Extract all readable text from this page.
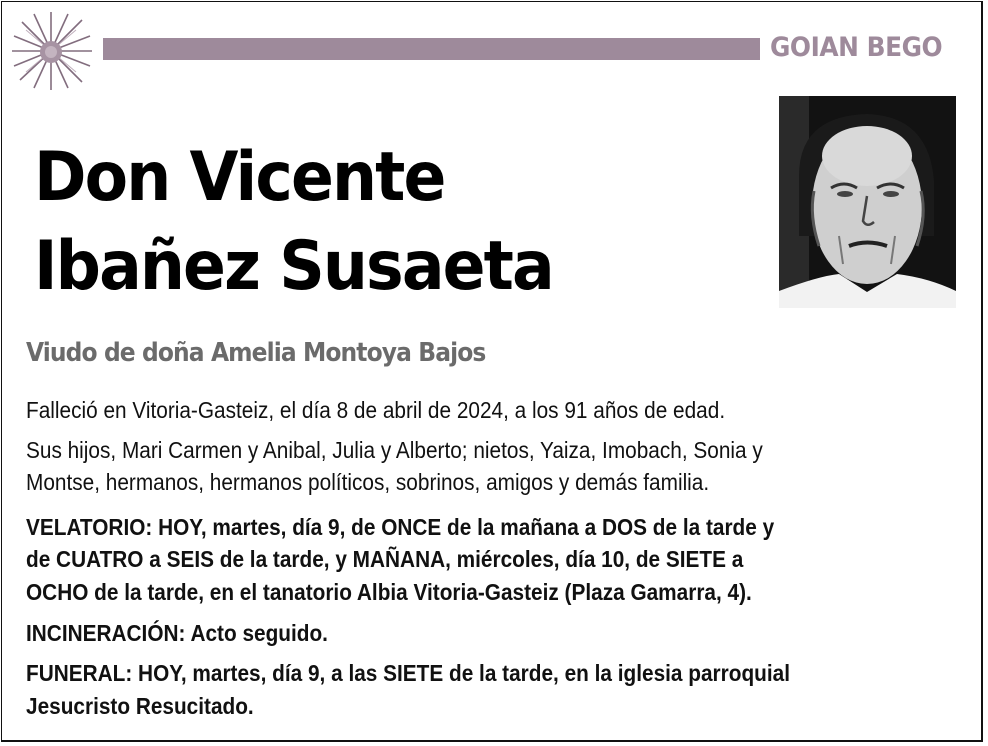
GOIAN BEGO
Don Vicente
Ibañez Susaeta
Viudo de doña Amelia Montoya Bajos
Falleció en Vitoria-Gasteiz, el día 8 de abril de 2024, a los 91 años de edad.
Sus hijos, Mari Carmen y Anibal, Julia y Alberto; nietos, Yaiza, Imobach, Sonia y
Montse, hermanos, hermanos políticos, sobrinos, amigos y demás familia.
VELATORIO: HOY, martes, día 9, de ONCE de la mañana a DOS de la tarde y
de CUATRO a SEIS de la tarde, y MAÑANA, miércoles, día 10, de SIETE a
OCHO de la tarde, en el tanatorio Albia Vitoria-Gasteiz (Plaza Gamarra, 4).
INCINERACIÓN: Acto seguido.
FUNERAL: HOY, martes, día 9, a las SIETE de la tarde, en la iglesia parroquial
Jesucristo Resucitado.
